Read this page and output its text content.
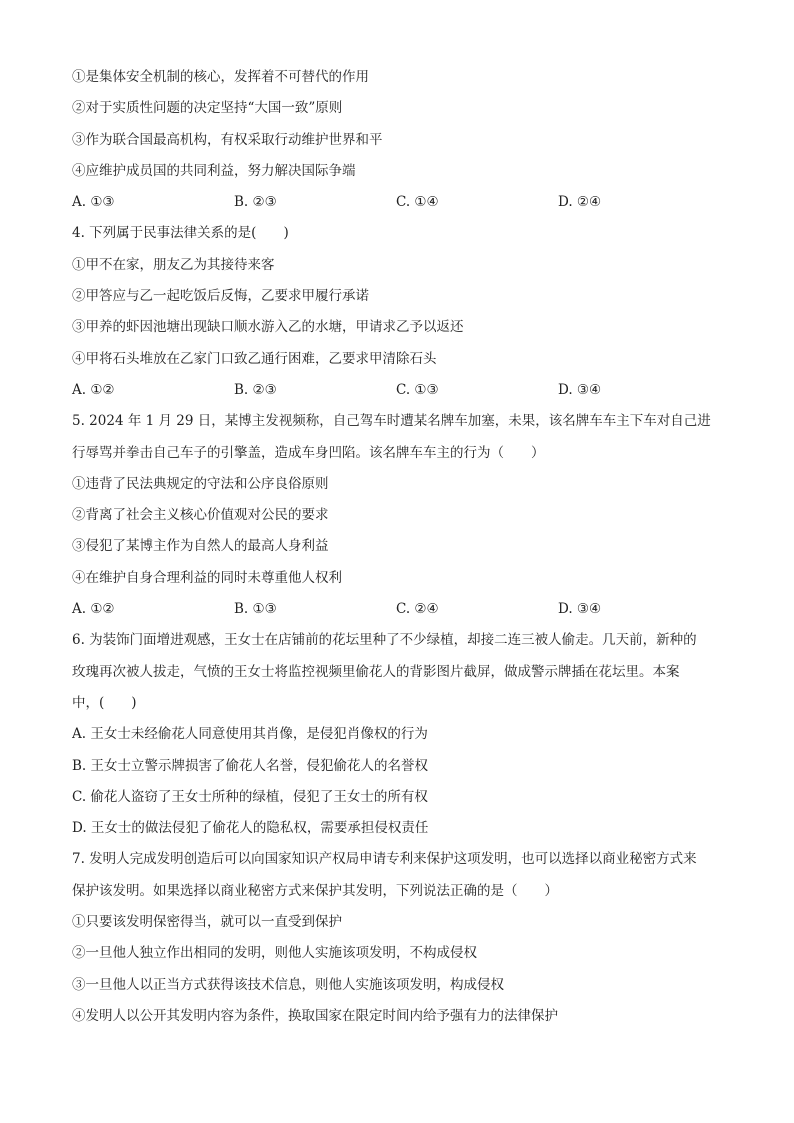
①是集体安全机制的核心，发挥着不可替代的作用
②对于实质性问题的决定坚持“大国一致”原则
③作为联合国最高机构，有权采取行动维护世界和平
④应维护成员国的共同利益，努力解决国际争端
A. ①③	B. ②③	C. ①④	D. ②④
4. 下列属于民事法律关系的是(　　)
①甲不在家，朋友乙为其接待来客
②甲答应与乙一起吃饭后反悔，乙要求甲履行承诺
③甲养的虾因池塘出现缺口顺水游入乙的水塘，甲请求乙予以返还
④甲将石头堆放在乙家门口致乙通行困难，乙要求甲清除石头
A. ①②	B. ②③	C. ①③	D. ③④
5. 2024 年 1 月 29 日，某博主发视频称，自己驾车时遭某名牌车加塞，未果，该名牌车车主下车对自己进
行辱骂并拳击自己车子的引擎盖，造成车身凹陷。该名牌车车主的行为（　　）
①违背了民法典规定的守法和公序良俗原则
②背离了社会主义核心价值观对公民的要求
③侵犯了某博主作为自然人的最高人身利益
④在维护自身合理利益的同时未尊重他人权利
A. ①②	B. ①③	C. ②④	D. ③④
6. 为装饰门面增进观感，王女士在店铺前的花坛里种了不少绿植，却接二连三被人偷走。几天前，新种的
玫瑰再次被人拔走，气愤的王女士将监控视频里偷花人的背影图片截屏，做成警示牌插在花坛里。本案
中，(　　)
A. 王女士未经偷花人同意使用其肖像，是侵犯肖像权的行为
B. 王女士立警示牌损害了偷花人名誉，侵犯偷花人的名誉权
C. 偷花人盗窃了王女士所种的绿植，侵犯了王女士的所有权
D. 王女士的做法侵犯了偷花人的隐私权，需要承担侵权责任
7. 发明人完成发明创造后可以向国家知识产权局申请专利来保护这项发明，也可以选择以商业秘密方式来
保护该发明。如果选择以商业秘密方式来保护其发明，下列说法正确的是（　　）
①只要该发明保密得当，就可以一直受到保护
②一旦他人独立作出相同的发明，则他人实施该项发明，不构成侵权
③一旦他人以正当方式获得该技术信息，则他人实施该项发明，构成侵权
④发明人以公开其发明内容为条件，换取国家在限定时间内给予强有力的法律保护
